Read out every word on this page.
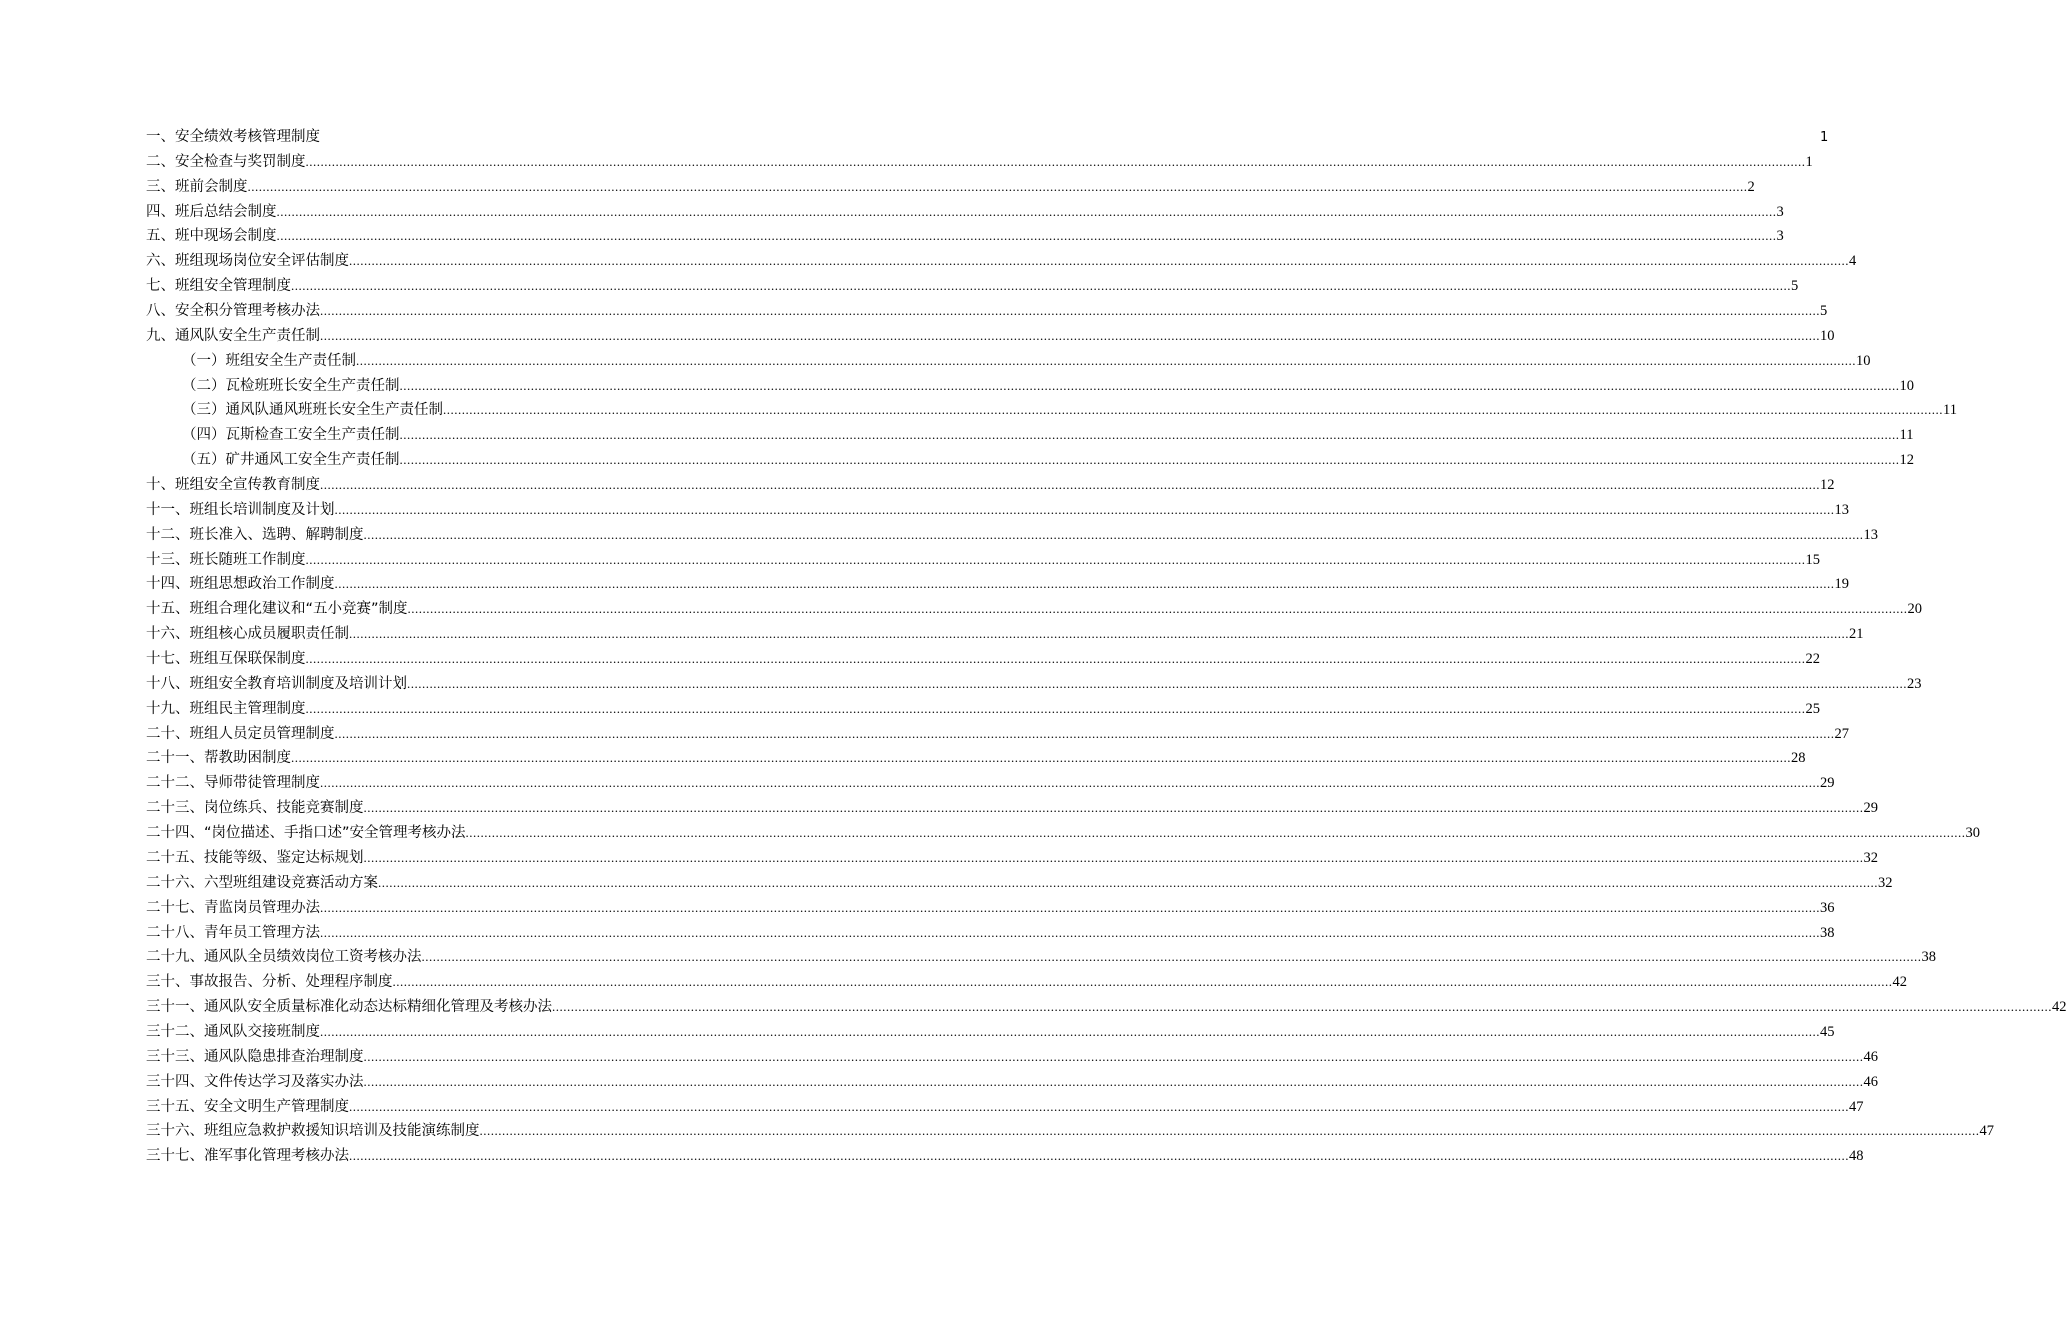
一、安全绩效考核管理制度	1
二、安全检查与奖罚制度 ................................................................................................................................................................................................................................................................................................................................................................................................................ 1
三、班前会制度 ................................................................................................................................................................................................................................................................................................................................................................................................................ 2
四、班后总结会制度 ................................................................................................................................................................................................................................................................................................................................................................................................................ 3
五、班中现场会制度 ................................................................................................................................................................................................................................................................................................................................................................................................................ 3
六、班组现场岗位安全评估制度 ................................................................................................................................................................................................................................................................................................................................................................................................................ 4
七、班组安全管理制度 ................................................................................................................................................................................................................................................................................................................................................................................................................ 5
八、安全积分管理考核办法 ................................................................................................................................................................................................................................................................................................................................................................................................................ 5
九、通风队安全生产责任制 ................................................................................................................................................................................................................................................................................................................................................................................................................ 10
（一）班组安全生产责任制 ................................................................................................................................................................................................................................................................................................................................................................................................................ 10
（二）瓦检班班长安全生产责任制 ................................................................................................................................................................................................................................................................................................................................................................................................................ 10
（三）通风队通风班班长安全生产责任制 ................................................................................................................................................................................................................................................................................................................................................................................................................ 11
（四）瓦斯检查工安全生产责任制 ................................................................................................................................................................................................................................................................................................................................................................................................................ 11
（五）矿井通风工安全生产责任制 ................................................................................................................................................................................................................................................................................................................................................................................................................ 12
十、班组安全宣传教育制度 ................................................................................................................................................................................................................................................................................................................................................................................................................ 12
十一、班组长培训制度及计划 ................................................................................................................................................................................................................................................................................................................................................................................................................ 13
十二、班长准入、选聘、解聘制度 ................................................................................................................................................................................................................................................................................................................................................................................................................ 13
十三、班长随班工作制度 ................................................................................................................................................................................................................................................................................................................................................................................................................ 15
十四、班组思想政治工作制度 ................................................................................................................................................................................................................................................................................................................................................................................................................ 19
十五、班组合理化建议和“五小竞赛”制度 ................................................................................................................................................................................................................................................................................................................................................................................................................ 20
十六、班组核心成员履职责任制 ................................................................................................................................................................................................................................................................................................................................................................................................................ 21
十七、班组互保联保制度 ................................................................................................................................................................................................................................................................................................................................................................................................................ 22
十八、班组安全教育培训制度及培训计划 ................................................................................................................................................................................................................................................................................................................................................................................................................ 23
十九、班组民主管理制度 ................................................................................................................................................................................................................................................................................................................................................................................................................ 25
二十、班组人员定员管理制度 ................................................................................................................................................................................................................................................................................................................................................................................................................ 27
二十一、帮教助困制度 ................................................................................................................................................................................................................................................................................................................................................................................................................ 28
二十二、导师带徒管理制度 ................................................................................................................................................................................................................................................................................................................................................................................................................ 29
二十三、岗位练兵、技能竞赛制度 ................................................................................................................................................................................................................................................................................................................................................................................................................ 29
二十四、“岗位描述、手指口述”安全管理考核办法 ................................................................................................................................................................................................................................................................................................................................................................................................................ 30
二十五、技能等级、鉴定达标规划 ................................................................................................................................................................................................................................................................................................................................................................................................................ 32
二十六、六型班组建设竞赛活动方案 ................................................................................................................................................................................................................................................................................................................................................................................................................ 32
二十七、青监岗员管理办法 ................................................................................................................................................................................................................................................................................................................................................................................................................ 36
二十八、青年员工管理方法 ................................................................................................................................................................................................................................................................................................................................................................................................................ 38
二十九、通风队全员绩效岗位工资考核办法 ................................................................................................................................................................................................................................................................................................................................................................................................................ 38
三十、事故报告、分析、处理程序制度 ................................................................................................................................................................................................................................................................................................................................................................................................................ 42
三十一、通风队安全质量标准化动态达标精细化管理及考核办法 ................................................................................................................................................................................................................................................................................................................................................................................................................ 42
三十二、通风队交接班制度 ................................................................................................................................................................................................................................................................................................................................................................................................................ 45
三十三、通风队隐患排查治理制度 ................................................................................................................................................................................................................................................................................................................................................................................................................ 46
三十四、文件传达学习及落实办法 ................................................................................................................................................................................................................................................................................................................................................................................................................ 46
三十五、安全文明生产管理制度 ................................................................................................................................................................................................................................................................................................................................................................................................................ 47
三十六、班组应急救护救援知识培训及技能演练制度 ................................................................................................................................................................................................................................................................................................................................................................................................................ 47
三十七、准军事化管理考核办法 ................................................................................................................................................................................................................................................................................................................................................................................................................ 48
